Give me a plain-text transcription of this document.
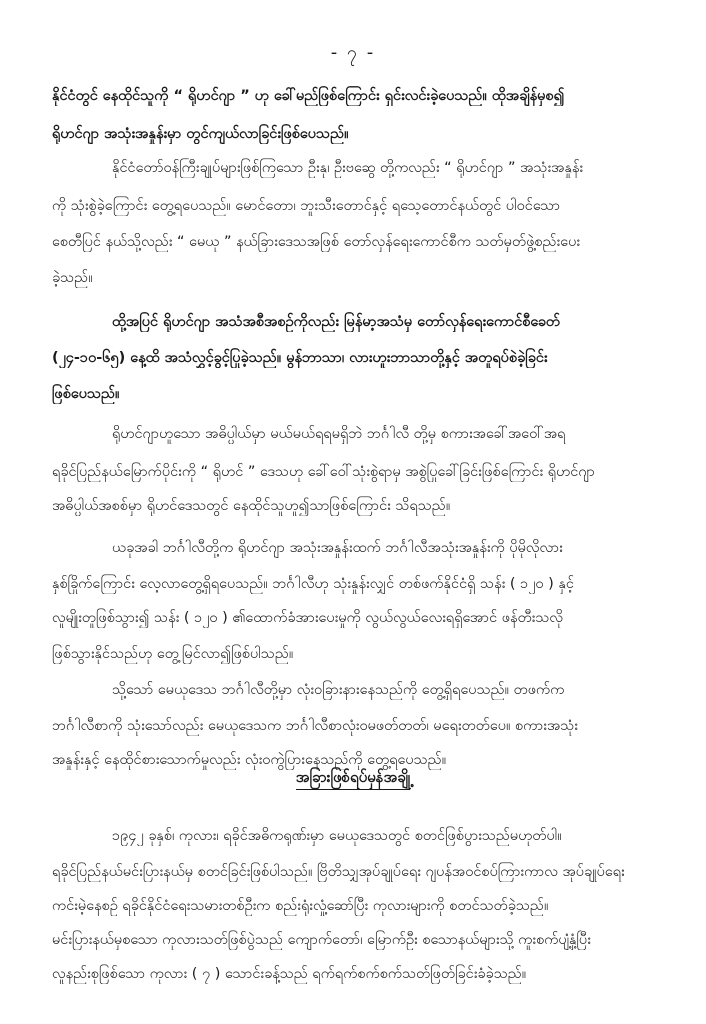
- ၇ -
နိုင်ငံတွင် နေထိုင်သူကို “ ရိုဟင်ဂျာ ” ဟု ခေါ်မည်ဖြစ်ကြောင်း ရှင်းလင်းခဲ့ပေသည်။ ထိုအချိန်မှစ၍
ရိုဟင်ဂျာ အသုံးအနှုန်းမှာ တွင်ကျယ်လာခြင်းဖြစ်ပေသည်။
နိုင်ငံတော်ဝန်ကြီးချုပ်များဖြစ်ကြသော ဦးနု၊ ဦးဗဆွေ တို့ကလည်း “ ရိုဟင်ဂျာ ” အသုံးအနှုန်း
ကို သုံးစွဲခဲ့ကြောင်း တွေ့ရပေသည်။ မောင်တော၊ ဘူးသီးတောင်နှင့် ရသေ့တောင်နယ်တွင် ပါဝင်သော
စေတီပြင် နယ်သို့လည်း “ မေယု ” နယ်ခြားဒေသအဖြစ် တော်လှန်ရေးကောင်စီက သတ်မှတ်ဖွဲ့စည်းပေး
ခဲ့သည်။
ထို့အပြင် ရိုဟင်ဂျာ အသံအစီအစဉ်ကိုလည်း မြန်မာ့အသံမှ တော်လှန်ရေးကောင်စီခေတ်
(၂၄-၁၀-၆၅) နေ့ထိ အသံလွှင့်ခွင့်ပြုခဲ့သည်။ မွန်ဘာသာ၊ လားဟူးဘာသာတို့နှင့် အတူရပ်စဲခဲ့ခြင်း
ဖြစ်ပေသည်။
ရိုဟင်ဂျာဟူသော အဓိပ္ပါယ်မှာ မယ်မယ်ရရမရှိဘဲ ဘင်္ဂါလီ တို့မှ စကားအခေါ်အဝေါ်အရ
ရခိုင်ပြည်နယ်မြောက်ပိုင်းကို “ ရိုဟင် ” ဒေသဟု ခေါ်ဝေါ်သုံးစွဲရာမှ အစွဲပြုခေါ်ခြင်းဖြစ်ကြောင်း ရိုဟင်ဂျာ
အဓိပ္ပါယ်အစစ်မှာ ရိုဟင်ဒေသတွင် နေထိုင်သူဟူ၍သာဖြစ်ကြောင်း သိရသည်။
ယခုအခါ ဘင်္ဂါလီတို့က ရိုဟင်ဂျာ အသုံးအနှုန်းထက် ဘင်္ဂါလီအသုံးအနှုန်းကို ပိုမိုလိုလား
နှစ်ခြိုက်ကြောင်း လေ့လာတွေ့ရှိရပေသည်။ ဘင်္ဂါလီဟု သုံးနှုန်းလျှင် တစ်ဖက်နိုင်ငံရှိ သန်း ( ၁၂၀ ) နှင့်
လူမျိုးတူဖြစ်သွား၍ သန်း ( ၁၂၀ ) ၏ထောက်ခံအားပေးမှုကို လွယ်လွယ်လေးရရှိအောင် ဖန်တီးသလို
ဖြစ်သွားနိုင်သည်ဟု တွေ့မြင်လာ၍ဖြစ်ပါသည်။
သို့သော် မေယုဒေသ ဘင်္ဂါလီတို့မှာ လုံးဝခြားနားနေသည်ကို တွေ့ရှိရပေသည်။ တဖက်က
ဘင်္ဂါလီစာကို သုံးသော်လည်း မေယုဒေသက ဘင်္ဂါလီစာလုံးဝမဖတ်တတ်၊ မရေးတတ်ပေ။ စကားအသုံး
အနှုန်းနှင့် နေထိုင်စားသောက်မှုလည်း လုံးဝကွဲပြားနေသည်ကို တွေ့ရပေသည်။
အခြားဖြစ်ရပ်မှန်အချို့
၁၉၄၂ ခုနှစ်၊ ကုလား၊ ရခိုင်အဓိကရုဏ်းမှာ မေယုဒေသတွင် စတင်ဖြစ်ပွားသည်မဟုတ်ပါ။
ရခိုင်ပြည်နယ်မင်းပြားနယ်မှ စတင်ခြင်းဖြစ်ပါသည်။ ဗြိတိသျှအုပ်ချုပ်ရေး ဂျပန်အဝင်စပ်ကြားကာလ အုပ်ချုပ်ရေး
ကင်းမဲ့နေစဉ် ရခိုင်နိုင်ငံရေးသမားတစ်ဦးက စည်းရုံးလှုံ့ဆော်ပြီး ကုလားများကို စတင်သတ်ခဲ့သည်။
မင်းပြားနယ်မှစသော ကုလားသတ်ဖြစ်ပွဲသည် ကျောက်တော်၊ မြောက်ဦး စသောနယ်များသို့ ကူးစက်ပျံ့နှံ့ပြီး
လူနည်းစုဖြစ်သော ကုလား ( ၇ ) သောင်းခန့်သည် ရက်ရက်စက်စက်သတ်ဖြတ်ခြင်းခံခဲ့သည်။
